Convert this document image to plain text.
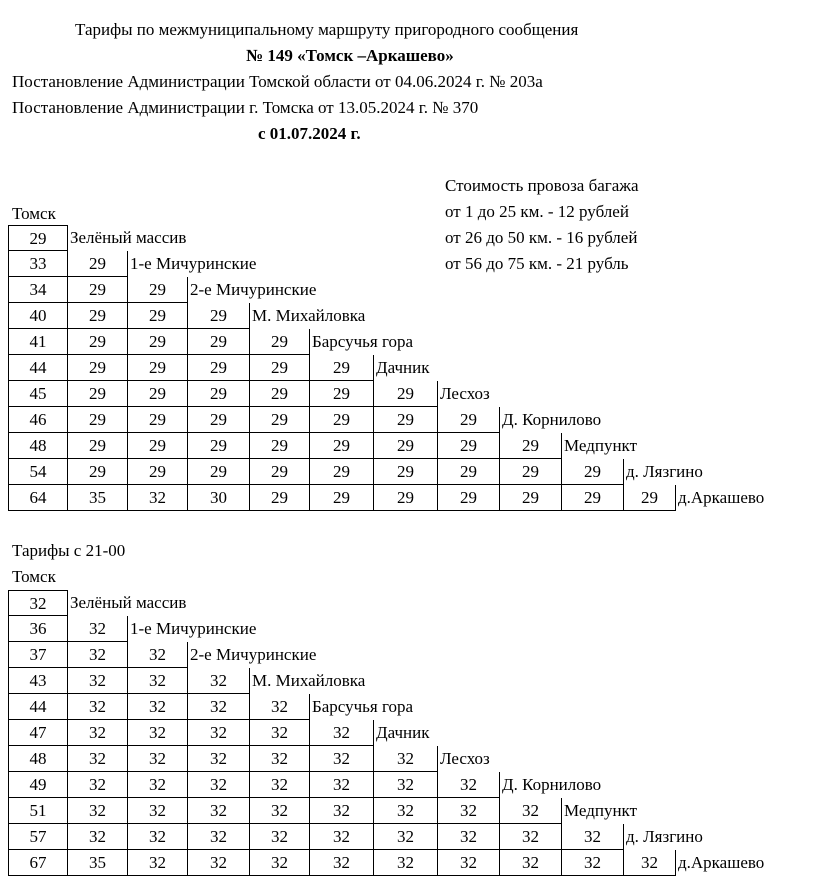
Тарифы по межмуниципальному маршруту пригородного сообщения
№ 149 «Томск –Аркашево»
Постановление Администрации Томской области от 04.06.2024 г. № 203а
Постановление Администрации г. Томска от 13.05.2024 г. № 370
с 01.07.2024 г.
Стоимость провоза багажа
от 1 до 25 км. - 12 рублей
от 26 до 50 км. - 16 рублей
от 56 до 75 км. - 21 рубль
Томск
29	Зелёный массив
33	29	1-е Мичуринские
34	29	29	2-е Мичуринские
40	29	29	29	М. Михайловка
41	29	29	29	29	Барсучья гора
44	29	29	29	29	29	Дачник
45	29	29	29	29	29	29	Лесхоз
46	29	29	29	29	29	29	29	Д. Корнилово
48	29	29	29	29	29	29	29	29	Медпункт
54	29	29	29	29	29	29	29	29	29	д. Лязгино
64	35	32	30	29	29	29	29	29	29	29	д.Аркашево
Тарифы с 21-00
Томск
32	Зелёный массив
36	32	1-е Мичуринские
37	32	32	2-е Мичуринские
43	32	32	32	М. Михайловка
44	32	32	32	32	Барсучья гора
47	32	32	32	32	32	Дачник
48	32	32	32	32	32	32	Лесхоз
49	32	32	32	32	32	32	32	Д. Корнилово
51	32	32	32	32	32	32	32	32	Медпункт
57	32	32	32	32	32	32	32	32	32	д. Лязгино
67	35	32	32	32	32	32	32	32	32	32	д.Аркашево
